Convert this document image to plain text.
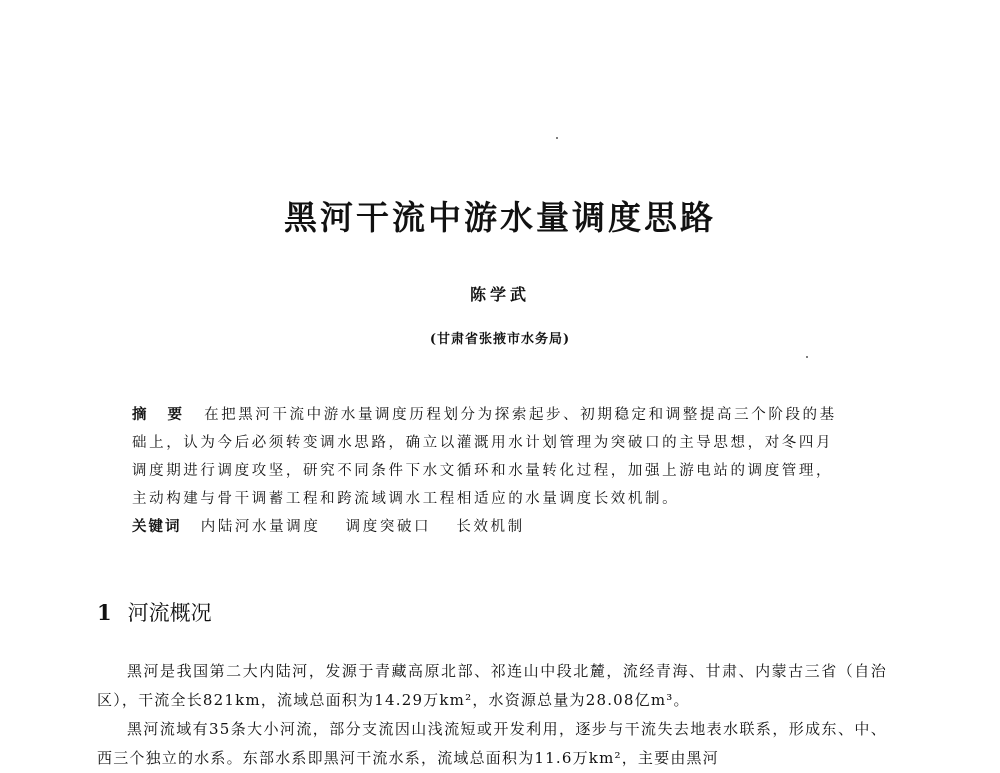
黑河干流中游水量调度思路
陈学武
(甘肃省张掖市水务局)
摘 要 在把黑河干流中游水量调度历程划分为探索起步、初期稳定和调整提高三个阶段的基础上，认为今后必须转变调水思路，确立以灌溉用水计划管理为突破口的主导思想，对冬四月调度期进行调度攻坚，研究不同条件下水文循环和水量转化过程，加强上游电站的调度管理，主动构建与骨干调蓄工程和跨流域调水工程相适应的水量调度长效机制。
关键词 内陆河水量调度 调度突破口 长效机制
1 河流概况

黑河是我国第二大内陆河，发源于青藏高原北部、祁连山中段北麓，流经青海、甘肃、内蒙古三省（自治区），干流全长821km，流域总面积为14.29万km²，水资源总量为28.08亿m³。

黑河流域有35条大小河流，部分支流因山浅流短或开发利用，逐步与干流失去地表水联系，形成东、中、西三个独立的水系。东部水系即黑河干流水系，流域总面积为11.6万km²，主要由黑河
